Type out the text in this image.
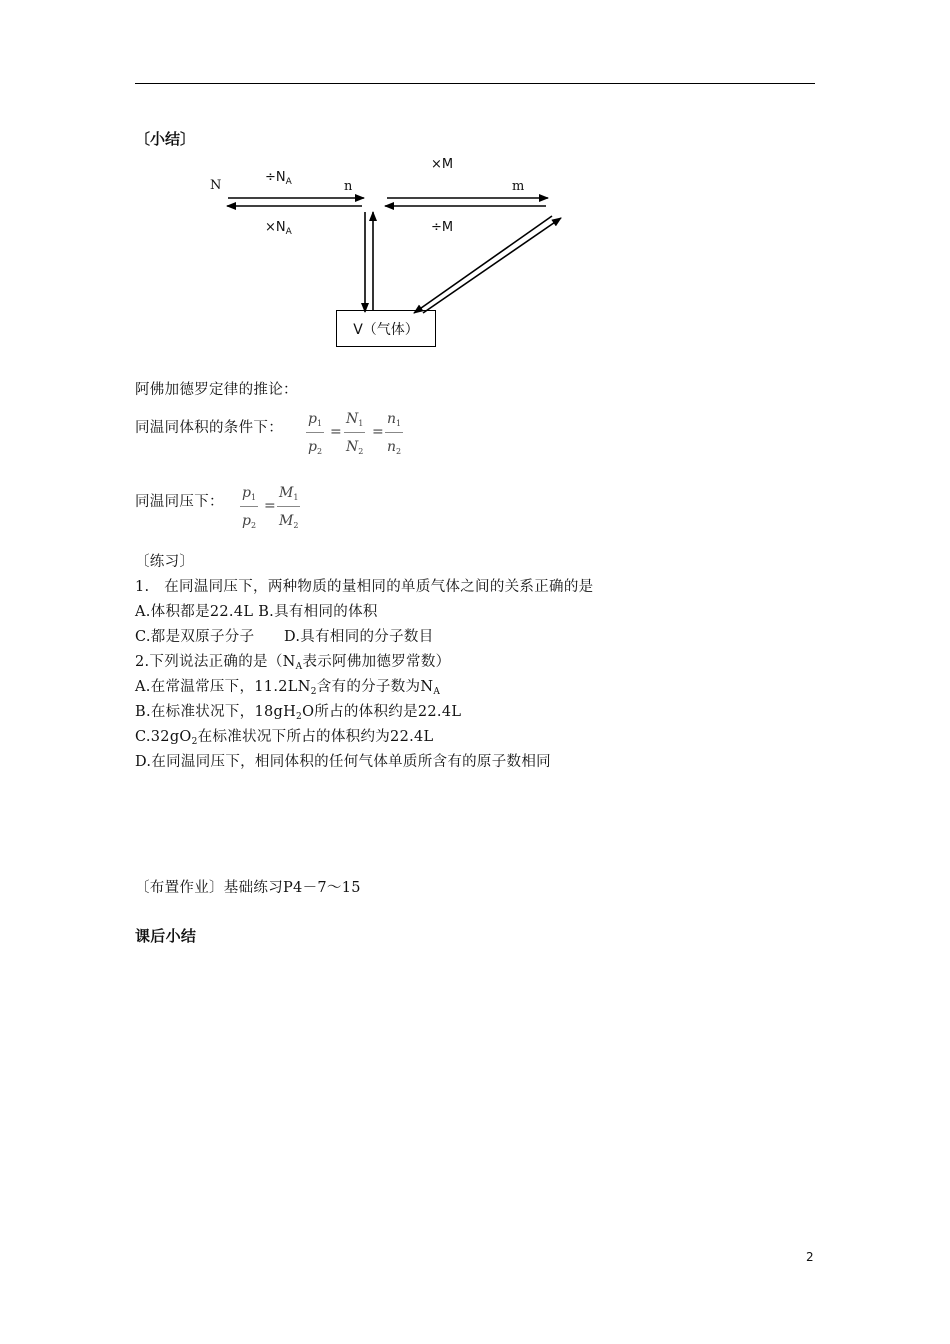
〔小结〕
N	n	m
$\div N_A$
$\times N_A$
×M
÷M
V（气体）
阿佛加德罗定律的推论：
同温同体积的条件下： $\frac{p_1}{p_2} = \frac{N_1}{N_2} = \frac{n_1}{n_2}$
同温同压下： $\frac{p_1}{p_2} = \frac{M_1}{M_2}$
〔练习〕
1.　在同温同压下，两种物质的量相同的单质气体之间的关系正确的是
A.体积都是22.4L B.具有相同的体积
C.都是双原子分子　　D.具有相同的分子数目
2.下列说法正确的是（$N_A$表示阿佛加德罗常数）
A.在常温常压下，$11.2LN_2$含有的分子数为$N_A$
B.在标准状况下，$18gH_2O$所占的体积约是22.4L
$C.32gO_2$在标准状况下所占的体积约为22.4L
D.在同温同压下，相同体积的任何气体单质所含有的原子数相同
〔布置作业〕基础练习P4－7～15
课后小结
2
